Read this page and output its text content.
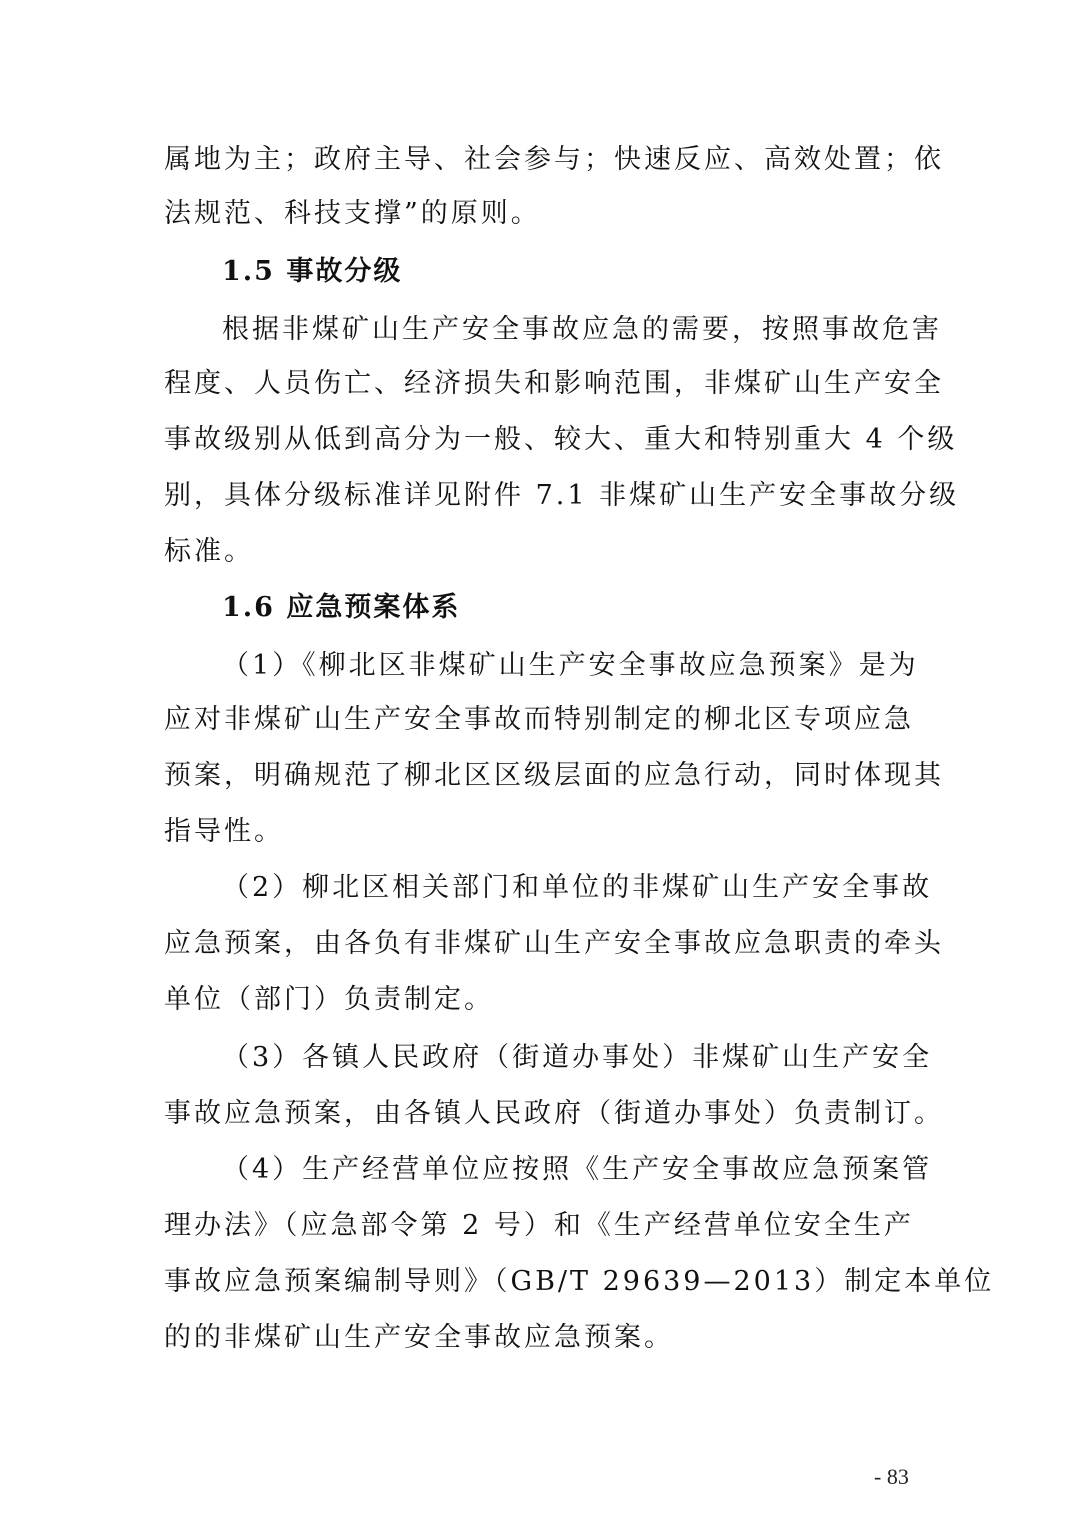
属地为主；政府主导、社会参与；快速反应、高效处置；依
法规范、科技支撑”的原则。
1.5 事故分级
根据非煤矿山生产安全事故应急的需要，按照事故危害
程度、人员伤亡、经济损失和影响范围，非煤矿山生产安全
事故级别从低到高分为一般、较大、重大和特别重大 4 个级
别，具体分级标准详见附件 7.1 非煤矿山生产安全事故分级
标准。
1.6 应急预案体系
（1）《柳北区非煤矿山生产安全事故应急预案》是为
应对非煤矿山生产安全事故而特别制定的柳北区专项应急
预案，明确规范了柳北区区级层面的应急行动，同时体现其
指导性。
（2）柳北区相关部门和单位的非煤矿山生产安全事故
应急预案，由各负有非煤矿山生产安全事故应急职责的牵头
单位（部门）负责制定。
（3）各镇人民政府（街道办事处）非煤矿山生产安全
事故应急预案，由各镇人民政府（街道办事处）负责制订。
（4）生产经营单位应按照《生产安全事故应急预案管
理办法》（应急部令第 2 号）和《生产经营单位安全生产
事故应急预案编制导则》（GB/T 29639—2013）制定本单位
的的非煤矿山生产安全事故应急预案。
- 83
